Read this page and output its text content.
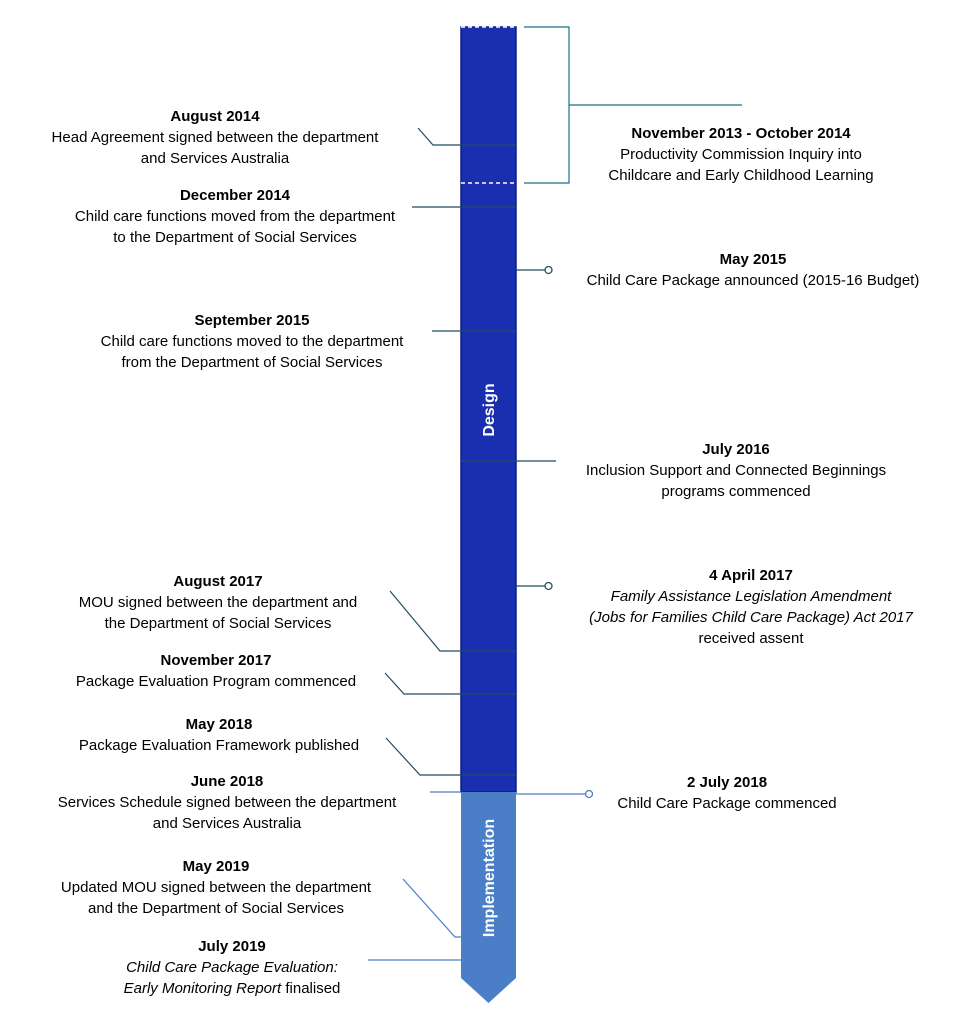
Design
Implementation
August 2014
Head Agreement signed between the department
and Services Australia
December 2014
Child care functions moved from the department
to the Department of Social Services
September 2015
Child care functions moved to the department
from the Department of Social Services
August 2017
MOU signed between the department and
the Department of Social Services
November 2017
Package Evaluation Program commenced
May 2018
Package Evaluation Framework published
June 2018
Services Schedule signed between the department
and Services Australia
May 2019
Updated MOU signed between the department
and the Department of Social Services
July 2019
Child Care Package Evaluation:
Early Monitoring Report finalised
November 2013 - October 2014
Productivity Commission Inquiry into
Childcare and Early Childhood Learning
May 2015
Child Care Package announced (2015-16 Budget)
July 2016
Inclusion Support and Connected Beginnings
programs commenced
4 April 2017
Family Assistance Legislation Amendment
(Jobs for Families Child Care Package) Act 2017
received assent
2 July 2018
Child Care Package commenced
